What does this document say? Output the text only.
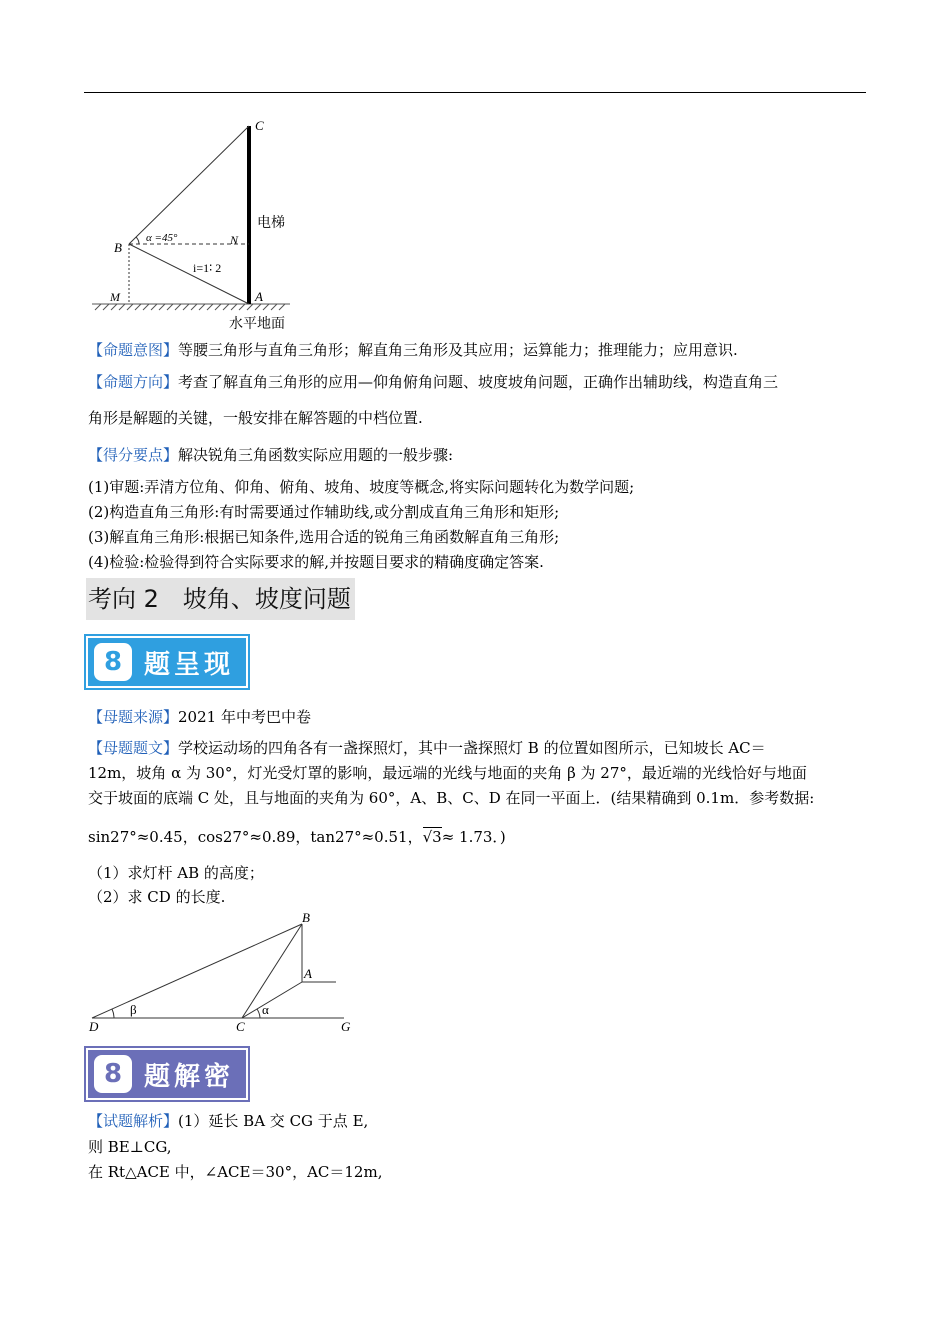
C
B	N
M	A
α =45°
i=1∶ 2
电梯
水平地面
【命题意图】等腰三角形与直角三角形；解直角三角形及其应用；运算能力；推理能力；应用意识.
【命题方向】考查了解直角三角形的应用—仰角俯角问题、坡度坡角问题，正确作出辅助线，构造直角三
角形是解题的关键，一般安排在解答题的中档位置.
【得分要点】解决锐角三角函数实际应用题的一般步骤:
(1)审题:弄清方位角、仰角、俯角、坡角、坡度等概念,将实际问题转化为数学问题;
(2)构造直角三角形:有时需要通过作辅助线,或分割成直角三角形和矩形;
(3)解直角三角形:根据已知条件,选用合适的锐角三角函数解直角三角形;
(4)检验:检验得到符合实际要求的解,并按题目要求的精确度确定答案.
考向 2 坡角、坡度问题
8 题呈现
【母题来源】2021 年中考巴中卷
【母题题文】学校运动场的四角各有一盏探照灯，其中一盏探照灯 B 的位置如图所示，已知坡长 AC＝
12m，坡角 α 为 30°，灯光受灯罩的影响，最远端的光线与地面的夹角 β 为 27°，最近端的光线恰好与地面
交于坡面的底端 C 处，且与地面的夹角为 60°，A、B、C、D 在同一平面上．(结果精确到 0.1m．参考数据:
sin27°≈0.45，cos27°≈0.89，tan27°≈0.51，√3≈ 1.73．)
（1）求灯杆 AB 的高度；
（2）求 CD 的长度.
B
A
D	C	G
β	α
8 题解密
【试题解析】(1）延长 BA 交 CG 于点 E,
则 BE⊥CG,
在 Rt△ACE 中，∠ACE＝30°，AC＝12m,
